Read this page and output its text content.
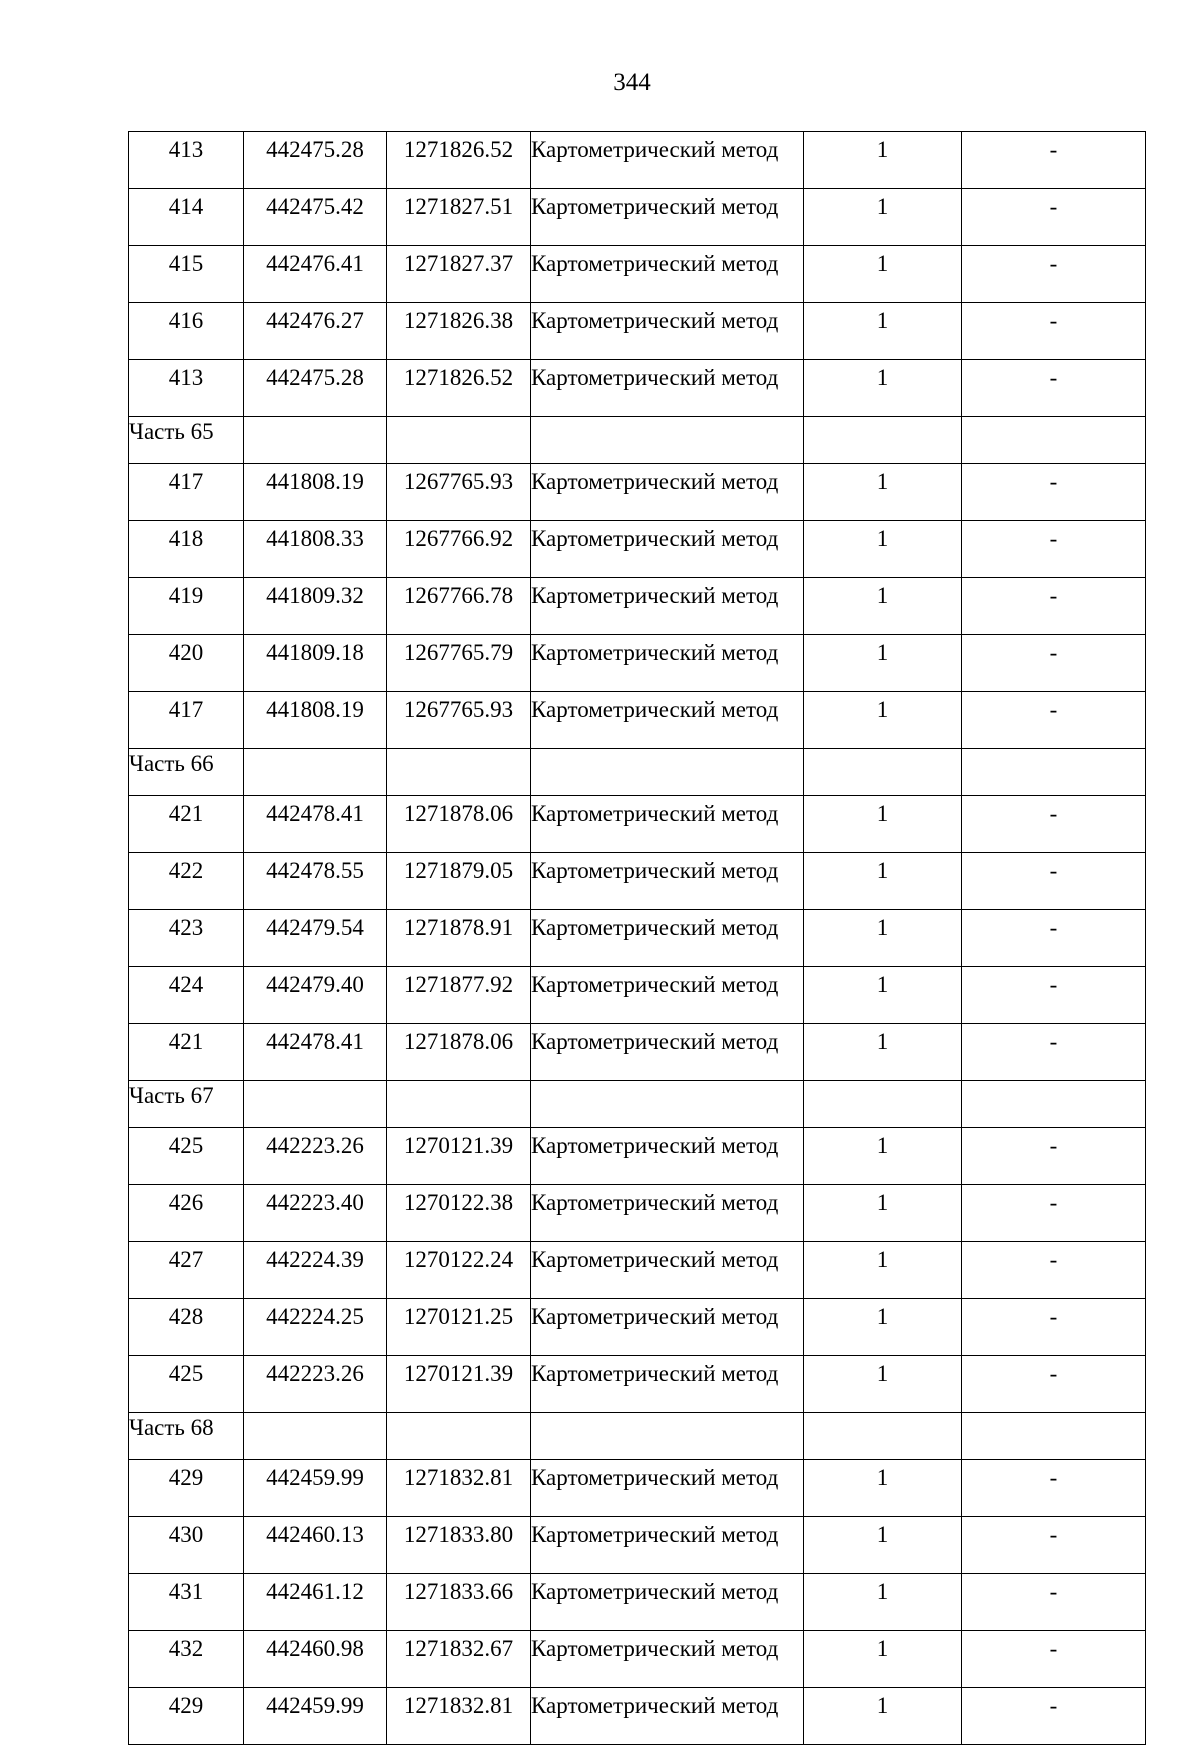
344
413	442475.28	1271826.52	Картометрический метод	1	-
414	442475.42	1271827.51	Картометрический метод	1	-
415	442476.41	1271827.37	Картометрический метод	1	-
416	442476.27	1271826.38	Картометрический метод	1	-
413	442475.28	1271826.52	Картометрический метод	1	-
Часть 65					
417	441808.19	1267765.93	Картометрический метод	1	-
418	441808.33	1267766.92	Картометрический метод	1	-
419	441809.32	1267766.78	Картометрический метод	1	-
420	441809.18	1267765.79	Картометрический метод	1	-
417	441808.19	1267765.93	Картометрический метод	1	-
Часть 66					
421	442478.41	1271878.06	Картометрический метод	1	-
422	442478.55	1271879.05	Картометрический метод	1	-
423	442479.54	1271878.91	Картометрический метод	1	-
424	442479.40	1271877.92	Картометрический метод	1	-
421	442478.41	1271878.06	Картометрический метод	1	-
Часть 67					
425	442223.26	1270121.39	Картометрический метод	1	-
426	442223.40	1270122.38	Картометрический метод	1	-
427	442224.39	1270122.24	Картометрический метод	1	-
428	442224.25	1270121.25	Картометрический метод	1	-
425	442223.26	1270121.39	Картометрический метод	1	-
Часть 68					
429	442459.99	1271832.81	Картометрический метод	1	-
430	442460.13	1271833.80	Картометрический метод	1	-
431	442461.12	1271833.66	Картометрический метод	1	-
432	442460.98	1271832.67	Картометрический метод	1	-
429	442459.99	1271832.81	Картометрический метод	1	-
